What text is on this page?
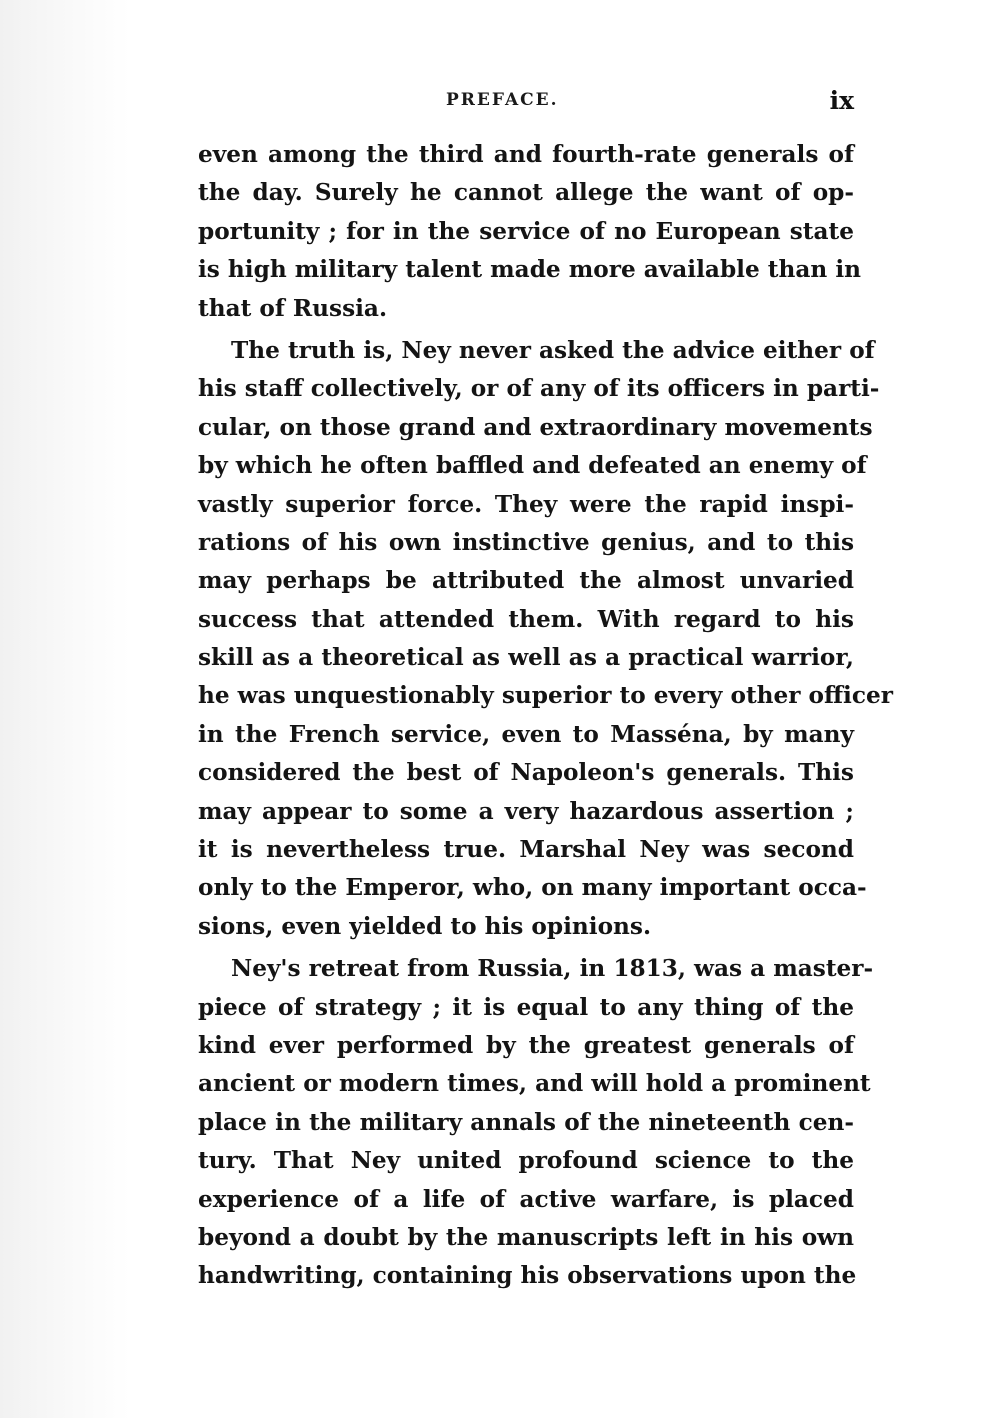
PREFACE.	ix
even among the third and fourth-rate generals of
the day. Surely he cannot allege the want of op-
portunity ; for in the service of no European state
is high military talent made more available than in
that of Russia.
The truth is, Ney never asked the advice either of
his staff collectively, or of any of its officers in parti-
cular, on those grand and extraordinary movements
by which he often baffled and defeated an enemy of
vastly superior force. They were the rapid inspi-
rations of his own instinctive genius, and to this
may perhaps be attributed the almost unvaried
success that attended them. With regard to his
skill as a theoretical as well as a practical warrior,
he was unquestionably superior to every other officer
in the French service, even to Masséna, by many
considered the best of Napoleon's generals. This
may appear to some a very hazardous assertion ;
it is nevertheless true. Marshal Ney was second
only to the Emperor, who, on many important occa-
sions, even yielded to his opinions.
Ney's retreat from Russia, in 1813, was a master-
piece of strategy ; it is equal to any thing of the
kind ever performed by the greatest generals of
ancient or modern times, and will hold a prominent
place in the military annals of the nineteenth cen-
tury. That Ney united profound science to the
experience of a life of active warfare, is placed
beyond a doubt by the manuscripts left in his own
handwriting, containing his observations upon the
